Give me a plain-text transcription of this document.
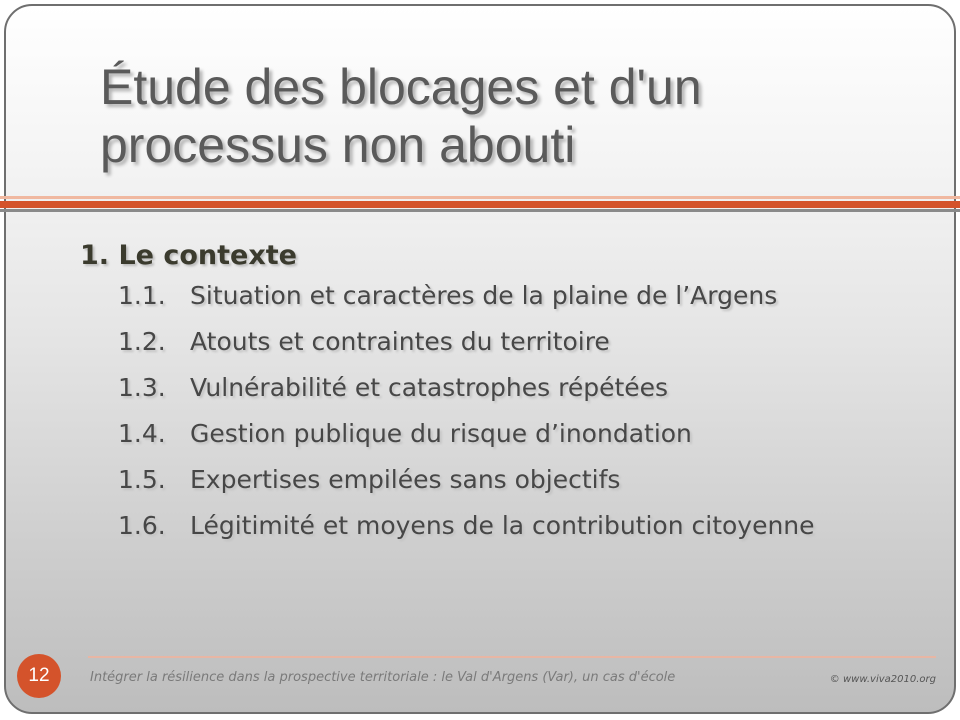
Étude des blocages et d'un processus non abouti
1. Le contexte
1.1. Situation et caractères de la plaine de l’Argens
1.2. Atouts et contraintes du territoire
1.3. Vulnérabilité et catastrophes répétées
1.4. Gestion publique du risque d’inondation
1.5. Expertises empilées sans objectifs
1.6. Légitimité et moyens de la contribution citoyenne
12	Intégrer la résilience dans la prospective territoriale : le Val d'Argens (Var), un cas d'école	© www.viva2010.org
